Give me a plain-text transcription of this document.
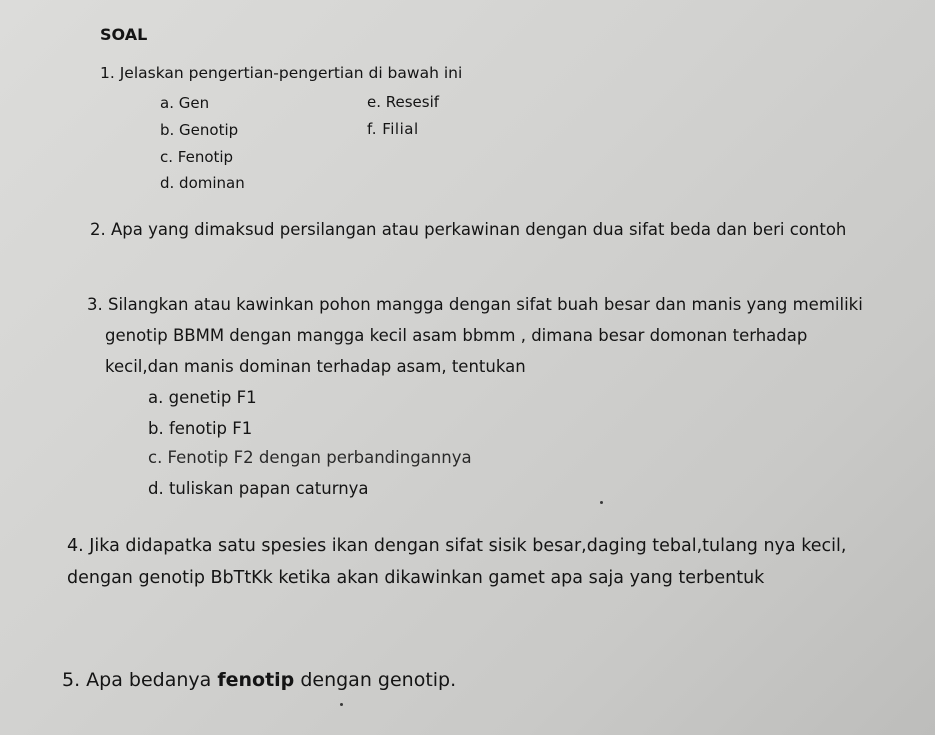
SOAL
1. Jelaskan pengertian-pengertian di bawah ini
a. Gen
b. Genotip
c. Fenotip
d. dominan
e. Resesif
f. Filial
2. Apa yang dimaksud persilangan atau perkawinan dengan dua sifat beda dan beri contoh
3. Silangkan atau kawinkan pohon mangga dengan sifat buah besar dan manis yang memiliki
genotip BBMM dengan mangga kecil asam bbmm , dimana besar domonan terhadap
kecil,dan manis dominan terhadap asam, tentukan
a. genetip F1
b. fenotip F1
c. Fenotip F2 dengan perbandingannya
d. tuliskan papan caturnya
4. Jika didapatka satu spesies ikan dengan sifat sisik besar,daging tebal,tulang nya kecil,
dengan genotip BbTtKk ketika akan dikawinkan gamet apa saja yang terbentuk
5. Apa bedanya fenotip dengan genotip.
